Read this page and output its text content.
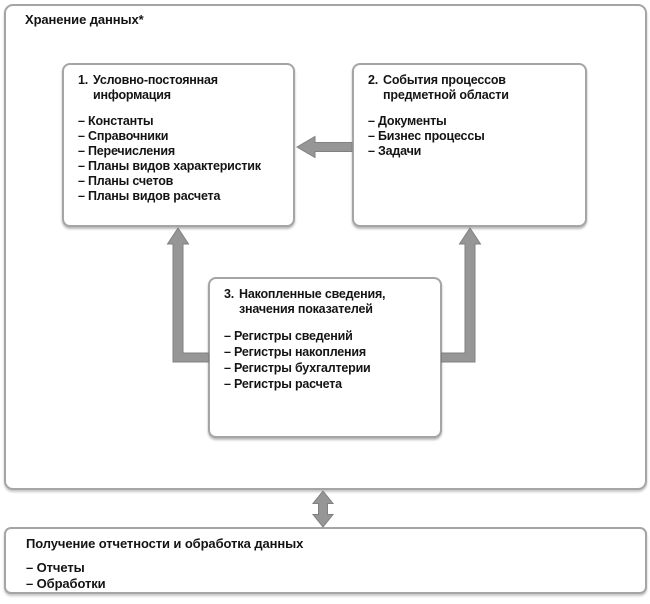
Хранение данных*
1. Условно-постоянная информация
– Константы
– Справочники
– Перечисления
– Планы видов характеристик
– Планы счетов
– Планы видов расчета
2. События процессов предметной области
– Документы
– Бизнес процессы
– Задачи
3. Накопленные сведения, значения показателей
– Регистры сведений
– Регистры накопления
– Регистры бухгалтерии
– Регистры расчета
Получение отчетности и обработка данных
– Отчеты
– Обработки
